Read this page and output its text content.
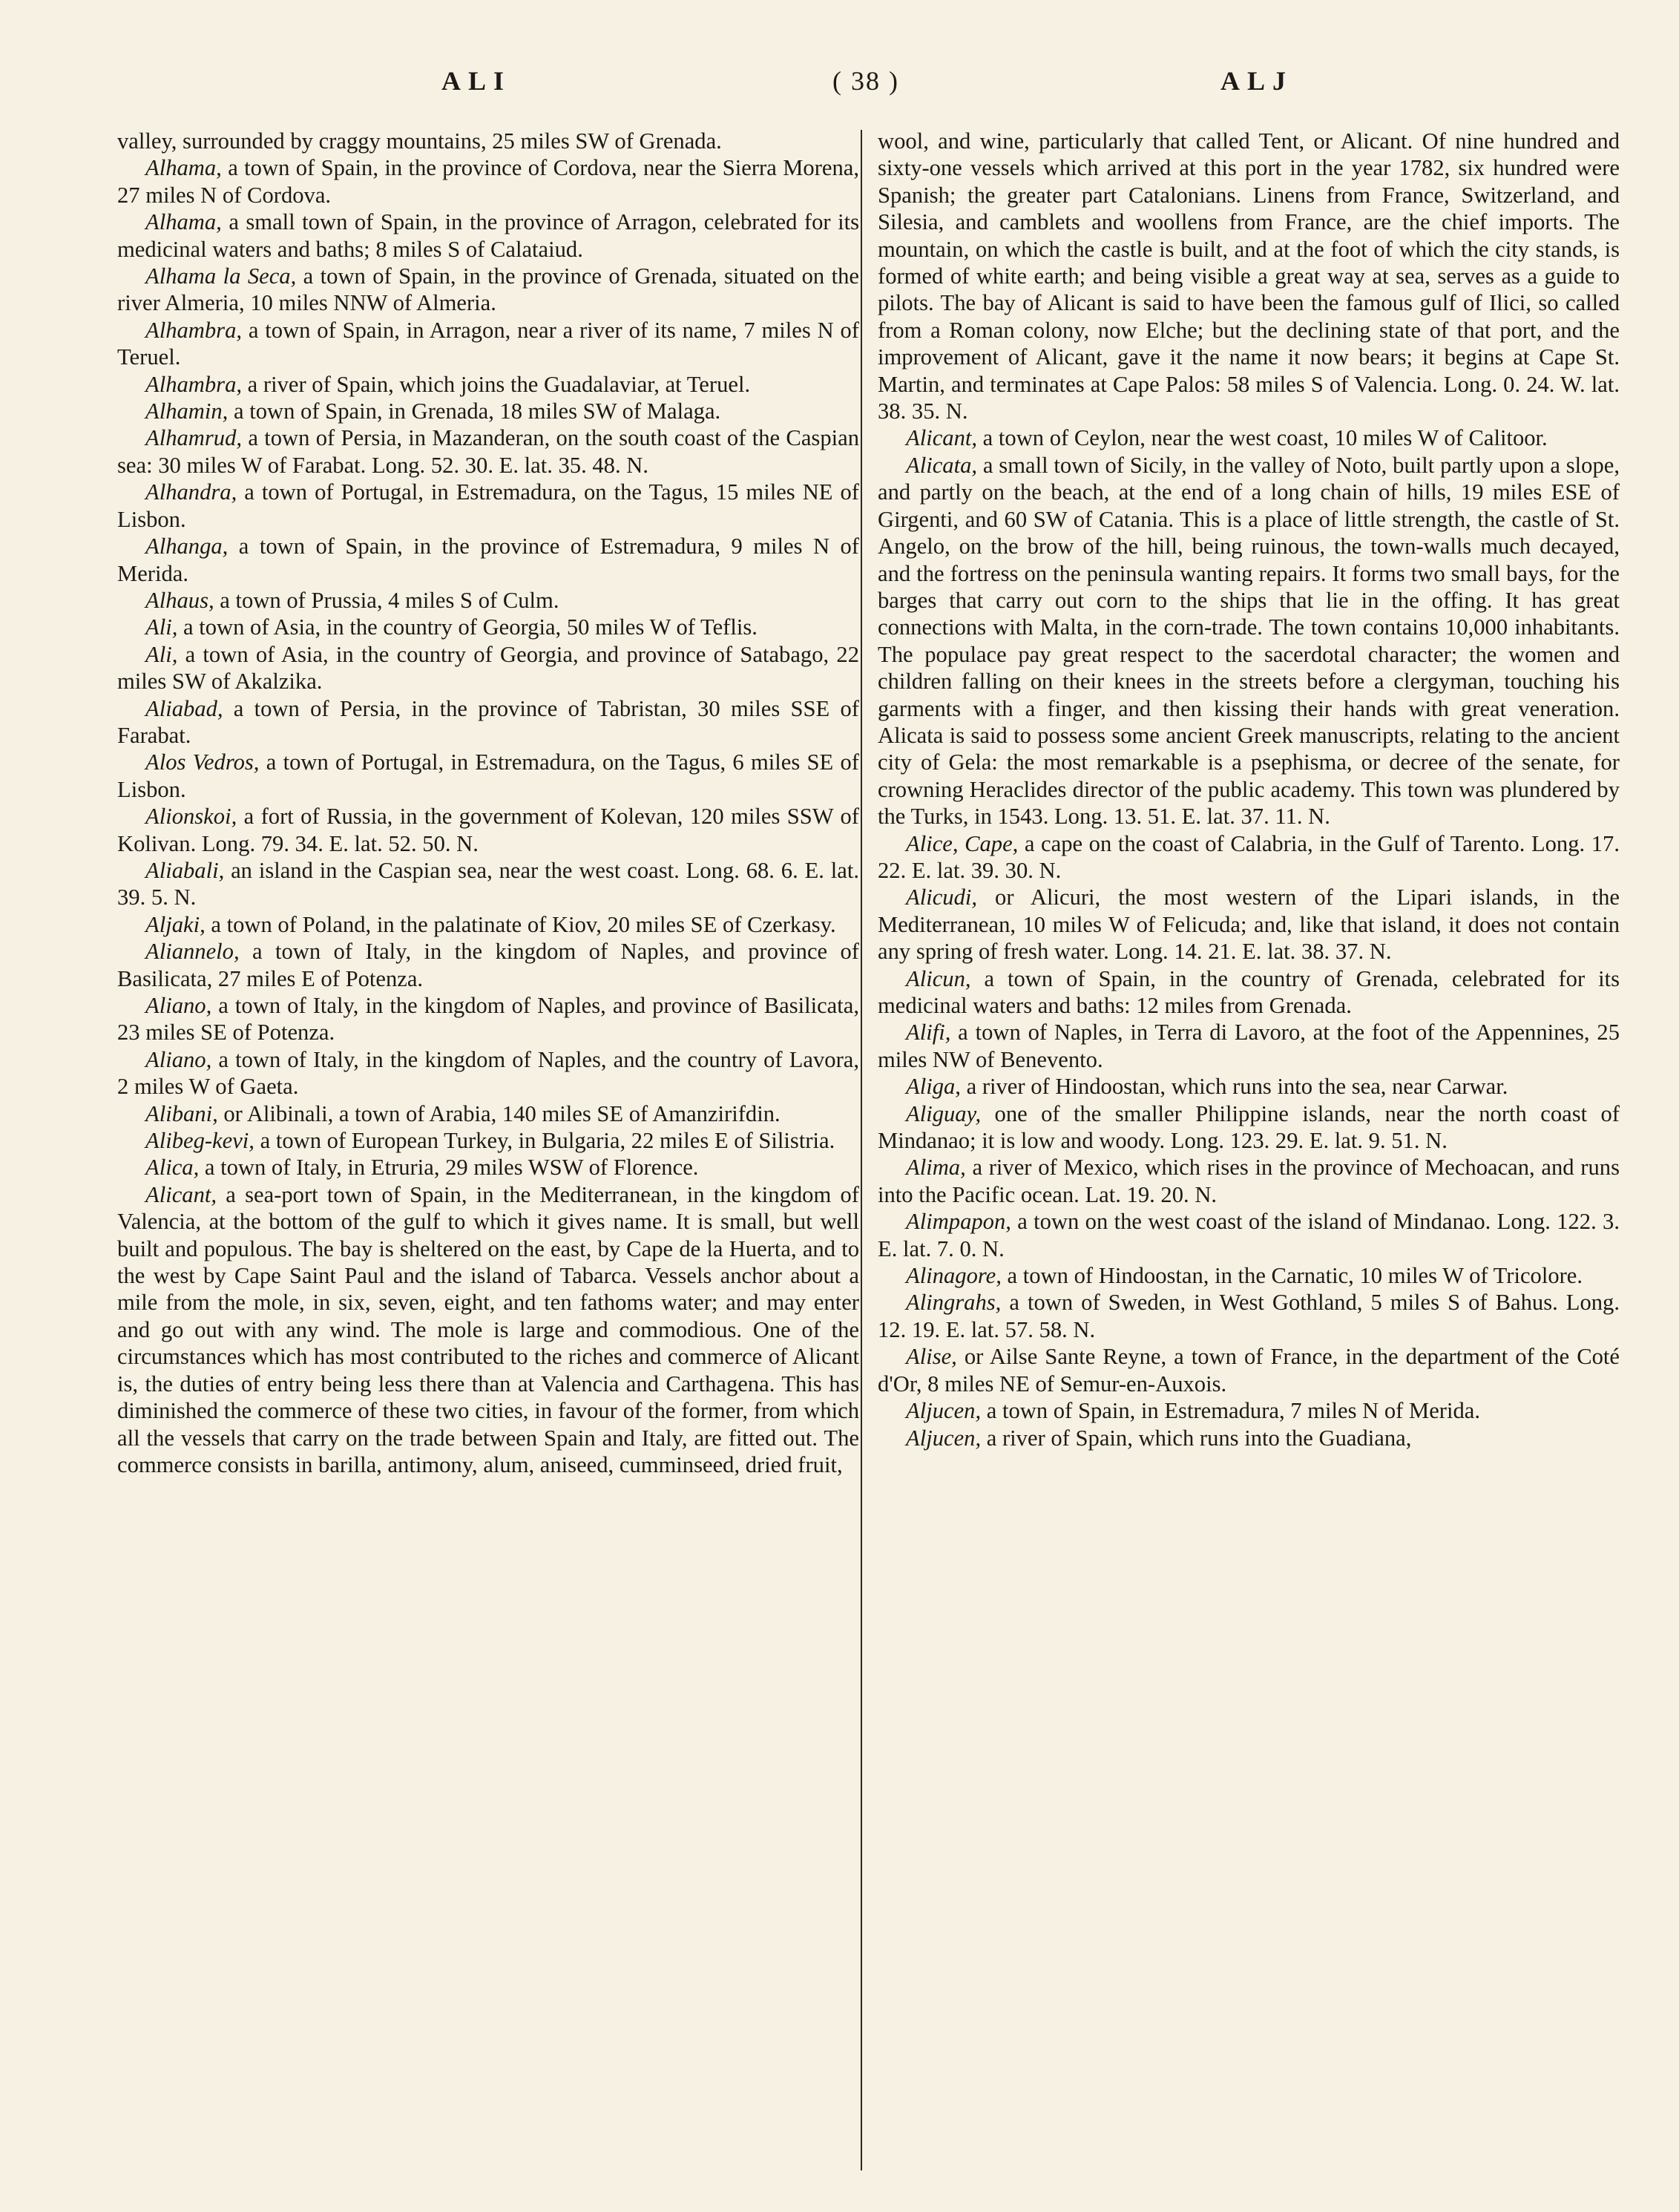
ALI	( 38 )	ALJ

valley, surrounded by craggy mountains, 25 miles SW of Grenada.

Alhama, a town of Spain, in the province of Cordova, near the Sierra Morena, 27 miles N of Cordova.

Alhama, a small town of Spain, in the province of Arragon, celebrated for its medicinal waters and baths; 8 miles S of Calataiud.

Alhama la Seca, a town of Spain, in the province of Grenada, situated on the river Almeria, 10 miles NNW of Almeria.

Alhambra, a town of Spain, in Arragon, near a river of its name, 7 miles N of Teruel.

Alhambra, a river of Spain, which joins the Guadalaviar, at Teruel.

Alhamin, a town of Spain, in Grenada, 18 miles SW of Malaga.

Alhamrud, a town of Persia, in Mazanderan, on the south coast of the Caspian sea: 30 miles W of Farabat. Long. 52. 30. E. lat. 35. 48. N.

Alhandra, a town of Portugal, in Estremadura, on the Tagus, 15 miles NE of Lisbon.

Alhanga, a town of Spain, in the province of Estremadura, 9 miles N of Merida.

Alhaus, a town of Prussia, 4 miles S of Culm.

Ali, a town of Asia, in the country of Georgia, 50 miles W of Teflis.

Ali, a town of Asia, in the country of Georgia, and province of Satabago, 22 miles SW of Akalzika.

Aliabad, a town of Persia, in the province of Tabristan, 30 miles SSE of Farabat.

Alos Vedros, a town of Portugal, in Estremadura, on the Tagus, 6 miles SE of Lisbon.

Alionskoi, a fort of Russia, in the government of Kolevan, 120 miles SSW of Kolivan. Long. 79. 34. E. lat. 52. 50. N.

Aliabali, an island in the Caspian sea, near the west coast. Long. 68. 6. E. lat. 39. 5. N.

Aljaki, a town of Poland, in the palatinate of Kiov, 20 miles SE of Czerkasy.

Aliannelo, a town of Italy, in the kingdom of Naples, and province of Basilicata, 27 miles E of Potenza.

Aliano, a town of Italy, in the kingdom of Naples, and province of Basilicata, 23 miles SE of Potenza.

Aliano, a town of Italy, in the kingdom of Naples, and the country of Lavora, 2 miles W of Gaeta.

Alibani, or Alibinali, a town of Arabia, 140 miles SE of Amanzirifdin.

Alibeg-kevi, a town of European Turkey, in Bulgaria, 22 miles E of Silistria.

Alica, a town of Italy, in Etruria, 29 miles WSW of Florence.

Alicant, a sea-port town of Spain, in the Mediterranean, in the kingdom of Valencia, at the bottom of the gulf to which it gives name. It is small, but well built and populous. The bay is sheltered on the east, by Cape de la Huerta, and to the west by Cape Saint Paul and the island of Tabarca. Vessels anchor about a mile from the mole, in six, seven, eight, and ten fathoms water; and may enter and go out with any wind. The mole is large and commodious. One of the circumstances which has most contributed to the riches and commerce of Alicant is, the duties of entry being less there than at Valencia and Carthagena. This has diminished the commerce of these two cities, in favour of the former, from which all the vessels that carry on the trade between Spain and Italy, are fitted out. The commerce consists in barilla, antimony, alum, aniseed, cumminseed, dried fruit,

wool, and wine, particularly that called Tent, or Alicant. Of nine hundred and sixty-one vessels which arrived at this port in the year 1782, six hundred were Spanish; the greater part Catalonians. Linens from France, Switzerland, and Silesia, and camblets and woollens from France, are the chief imports. The mountain, on which the castle is built, and at the foot of which the city stands, is formed of white earth; and being visible a great way at sea, serves as a guide to pilots. The bay of Alicant is said to have been the famous gulf of Ilici, so called from a Roman colony, now Elche; but the declining state of that port, and the improvement of Alicant, gave it the name it now bears; it begins at Cape St. Martin, and terminates at Cape Palos: 58 miles S of Valencia. Long. 0. 24. W. lat. 38. 35. N.

Alicant, a town of Ceylon, near the west coast, 10 miles W of Calitoor.

Alicata, a small town of Sicily, in the valley of Noto, built partly upon a slope, and partly on the beach, at the end of a long chain of hills, 19 miles ESE of Girgenti, and 60 SW of Catania. This is a place of little strength, the castle of St. Angelo, on the brow of the hill, being ruinous, the town-walls much decayed, and the fortress on the peninsula wanting repairs. It forms two small bays, for the barges that carry out corn to the ships that lie in the offing. It has great connections with Malta, in the corn-trade. The town contains 10,000 inhabitants. The populace pay great respect to the sacerdotal character; the women and children falling on their knees in the streets before a clergyman, touching his garments with a finger, and then kissing their hands with great veneration. Alicata is said to possess some ancient Greek manuscripts, relating to the ancient city of Gela: the most remarkable is a psephisma, or decree of the senate, for crowning Heraclides director of the public academy. This town was plundered by the Turks, in 1543. Long. 13. 51. E. lat. 37. 11. N.

Alice, Cape, a cape on the coast of Calabria, in the Gulf of Tarento. Long. 17. 22. E. lat. 39. 30. N.

Alicudi, or Alicuri, the most western of the Lipari islands, in the Mediterranean, 10 miles W of Felicuda; and, like that island, it does not contain any spring of fresh water. Long. 14. 21. E. lat. 38. 37. N.

Alicun, a town of Spain, in the country of Grenada, celebrated for its medicinal waters and baths: 12 miles from Grenada.

Alifi, a town of Naples, in Terra di Lavoro, at the foot of the Appennines, 25 miles NW of Benevento.

Aliga, a river of Hindoostan, which runs into the sea, near Carwar.

Aliguay, one of the smaller Philippine islands, near the north coast of Mindanao; it is low and woody. Long. 123. 29. E. lat. 9. 51. N.

Alima, a river of Mexico, which rises in the province of Mechoacan, and runs into the Pacific ocean. Lat. 19. 20. N.

Alimpapon, a town on the west coast of the island of Mindanao. Long. 122. 3. E. lat. 7. 0. N.

Alinagore, a town of Hindoostan, in the Carnatic, 10 miles W of Tricolore.

Alingrahs, a town of Sweden, in West Gothland, 5 miles S of Bahus. Long. 12. 19. E. lat. 57. 58. N.

Alise, or Ailse Sante Reyne, a town of France, in the department of the Coté d'Or, 8 miles NE of Semur-en-Auxois.

Aljucen, a town of Spain, in Estremadura, 7 miles N of Merida.

Aljucen, a river of Spain, which runs into the Guadiana,
